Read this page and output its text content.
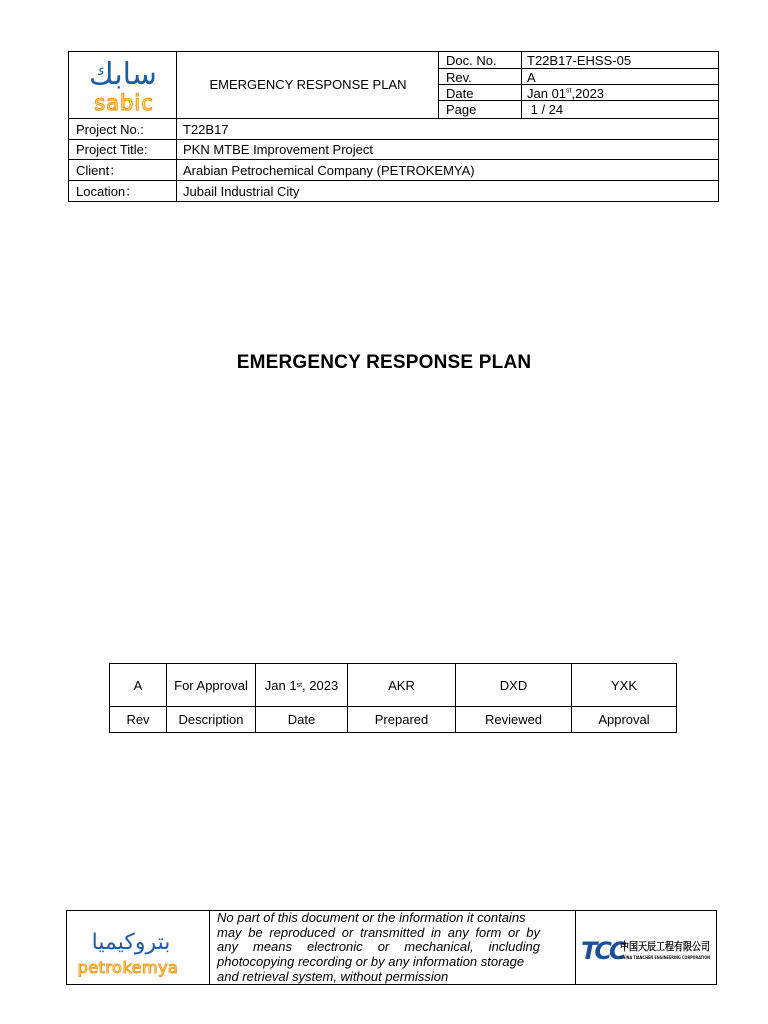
سابك
sabic
EMERGENCY RESPONSE PLAN
Doc. No. T22B17-EHSS-05
Rev.	A
Date	Jan 01st,2023
Page	1 / 24
Project No.:	T22B17
Project Title:	PKN MTBE Improvement Project
Client：	Arabian Petrochemical Company (PETROKEMYA)
Location：	Jubail Industrial City
EMERGENCY RESPONSE PLAN
A	For Approval	Jan 1 st , 2023	AKR	DXD	YXK
Rev	Description	Date	Prepared	Reviewed	Approval
بتروكيميا
petrokemya
No part of this document or the information it contains
may be reproduced or transmitted in any form or by
any means electronic or mechanical, including
photocopying recording or by any information storage
and retrieval system, without permission
TCC
中国天辰工程有限公司
CHINA TIANCHEN ENGINEERING CORPORATION
